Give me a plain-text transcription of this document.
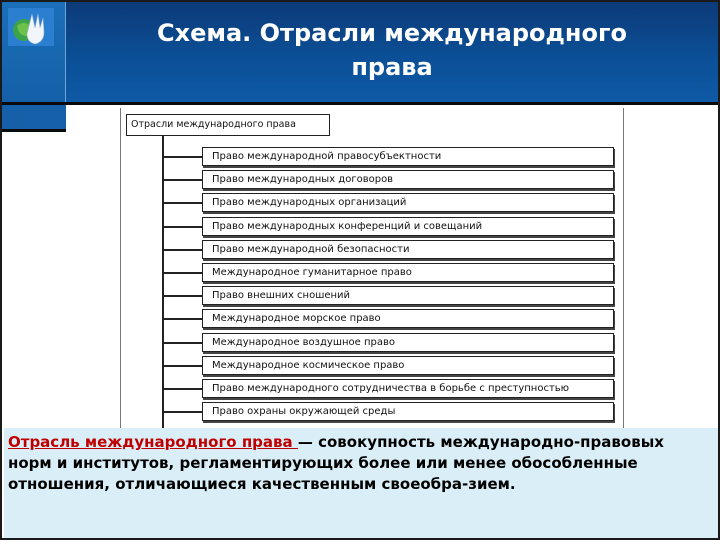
Схема. Отрасли международного
права
Отрасли международного права
Право международной правосубъектности
Право международных договоров
Право международных организаций
Право международных конференций и совещаний
Право международной безопасности
Международное гуманитарное право
Право внешних сношений
Международное морское право
Международное воздушное право
Международное космическое право
Право международного сотрудничества в борьбе с преступностью
Право охраны окружающей среды
Отрасль международного права — совокупность международно-правовых норм и институтов, регламентирующих более или менее обособленные отношения, отличающиеся качественным своеобра-зием.
